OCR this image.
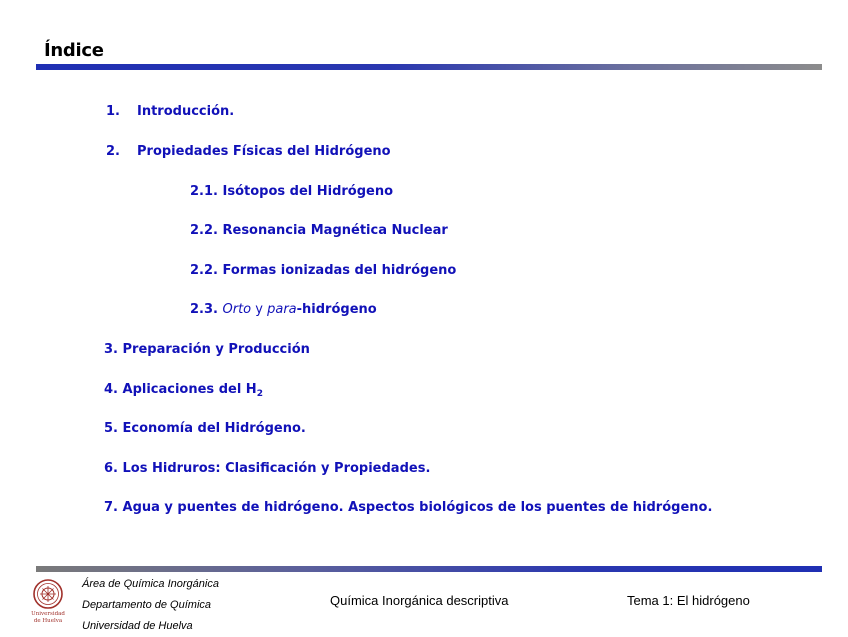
Índice
1. Introducción.
2. Propiedades Físicas del Hidrógeno
2.1. Isótopos del Hidrógeno
2.2. Resonancia Magnética Nuclear
2.2. Formas ionizadas del hidrógeno
2.3. Orto y para-hidrógeno
3. Preparación y Producción
4. Aplicaciones del $H_2$
5. Economía del Hidrógeno.
6. Los Hidruros: Clasificación y Propiedades.
7. Agua y puentes de hidrógeno. Aspectos biológicos de los puentes de hidrógeno.
Universidad
de Huelva
Área de Química Inorgánica
Departamento de Química
Universidad de Huelva
Química Inorgánica descriptiva	Tema 1: El hidrógeno
